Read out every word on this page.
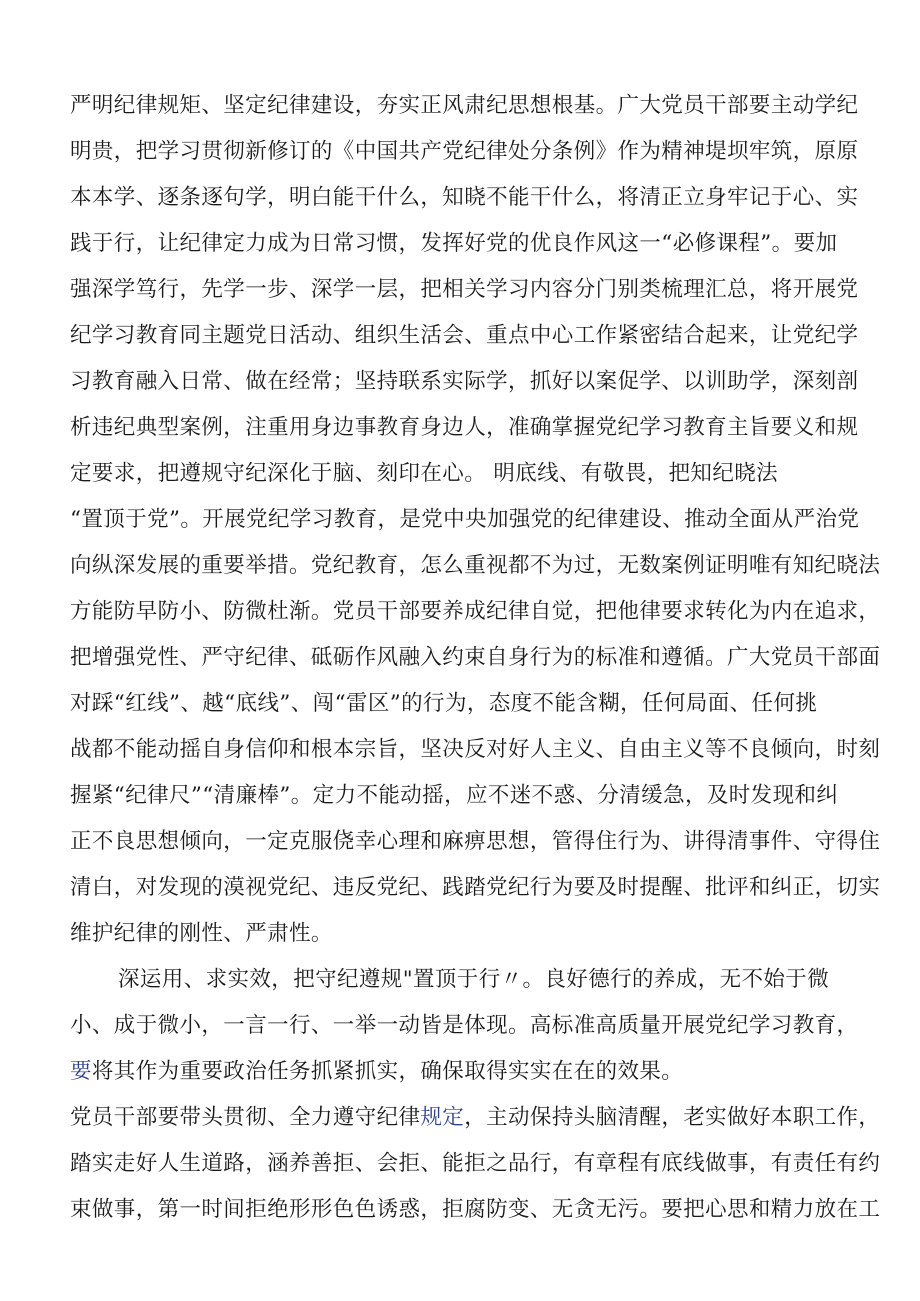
严明纪律规矩、坚定纪律建设，夯实正风肃纪思想根基。广大党员干部要主动学纪
明贵，把学习贯彻新修订的《中国共产党纪律处分条例》作为精神堤坝牢筑，原原
本本学、逐条逐句学，明白能干什么，知晓不能干什么，将清正立身牢记于心、实
践于行，让纪律定力成为日常习惯，发挥好党的优良作风这一“必修课程”。要加
强深学笃行，先学一步、深学一层，把相关学习内容分门别类梳理汇总，将开展党
纪学习教育同主题党日活动、组织生活会、重点中心工作紧密结合起来，让党纪学
习教育融入日常、做在经常；坚持联系实际学，抓好以案促学、以训助学，深刻剖
析违纪典型案例，注重用身边事教育身边人，准确掌握党纪学习教育主旨要义和规
定要求，把遵规守纪深化于脑、刻印在心。 明底线、有敬畏，把知纪晓法
“置顶于党”。开展党纪学习教育，是党中央加强党的纪律建设、推动全面从严治党
向纵深发展的重要举措。党纪教育，怎么重视都不为过，无数案例证明唯有知纪晓法
方能防早防小、防微杜渐。党员干部要养成纪律自觉，把他律要求转化为内在追求，
把增强党性、严守纪律、砥砺作风融入约束自身行为的标准和遵循。广大党员干部面
对踩“红线”、越“底线”、闯“雷区”的行为，态度不能含糊，任何局面、任何挑
战都不能动摇自身信仰和根本宗旨，坚决反对好人主义、自由主义等不良倾向，时刻
握紧“纪律尺”“清廉棒”。定力不能动摇，应不迷不惑、分清缓急，及时发现和纠
正不良思想倾向，一定克服侥幸心理和麻痹思想，管得住行为、讲得清事件、守得住
清白，对发现的漠视党纪、违反党纪、践踏党纪行为要及时提醒、批评和纠正，切实
维护纪律的刚性、严肃性。
深运用、求实效，把守纪遵规"置顶于行〃。良好德行的养成，无不始于微
小、成于微小，一言一行、一举一动皆是体现。高标准高质量开展党纪学习教育，
要将其作为重要政治任务抓紧抓实，确保取得实实在在的效果。
党员干部要带头贯彻、全力遵守纪律规定，主动保持头脑清醒，老实做好本职工作，
踏实走好人生道路，涵养善拒、会拒、能拒之品行，有章程有底线做事，有责任有约
束做事，第一时间拒绝形形色色诱惑，拒腐防变、无贪无污。要把心思和精力放在工
